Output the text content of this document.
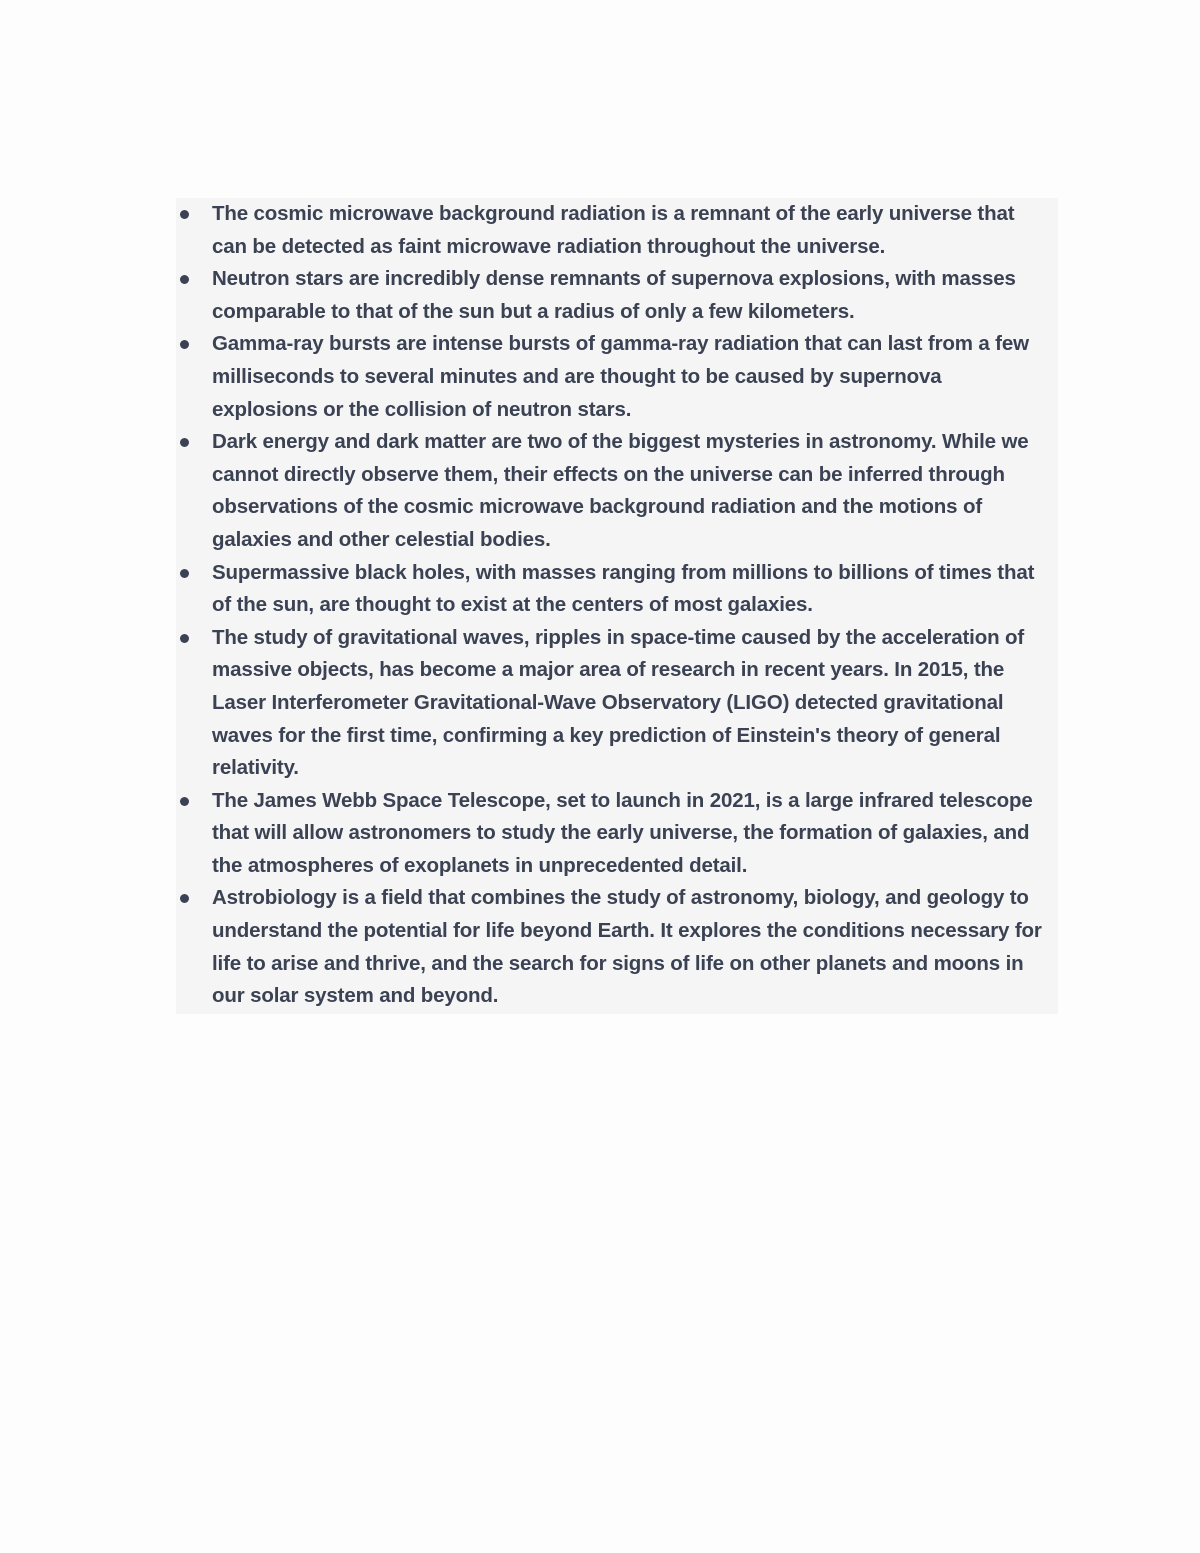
The cosmic microwave background radiation is a remnant of the early universe that can be detected as faint microwave radiation throughout the universe.
Neutron stars are incredibly dense remnants of supernova explosions, with masses comparable to that of the sun but a radius of only a few kilometers.
Gamma-ray bursts are intense bursts of gamma-ray radiation that can last from a few milliseconds to several minutes and are thought to be caused by supernova explosions or the collision of neutron stars.
Dark energy and dark matter are two of the biggest mysteries in astronomy. While we cannot directly observe them, their effects on the universe can be inferred through observations of the cosmic microwave background radiation and the motions of galaxies and other celestial bodies.
Supermassive black holes, with masses ranging from millions to billions of times that of the sun, are thought to exist at the centers of most galaxies.
The study of gravitational waves, ripples in space-time caused by the acceleration of massive objects, has become a major area of research in recent years. In 2015, the Laser Interferometer Gravitational-Wave Observatory (LIGO) detected gravitational waves for the first time, confirming a key prediction of Einstein's theory of general relativity.
The James Webb Space Telescope, set to launch in 2021, is a large infrared telescope that will allow astronomers to study the early universe, the formation of galaxies, and the atmospheres of exoplanets in unprecedented detail.
Astrobiology is a field that combines the study of astronomy, biology, and geology to understand the potential for life beyond Earth. It explores the conditions necessary for life to arise and thrive, and the search for signs of life on other planets and moons in our solar system and beyond.
